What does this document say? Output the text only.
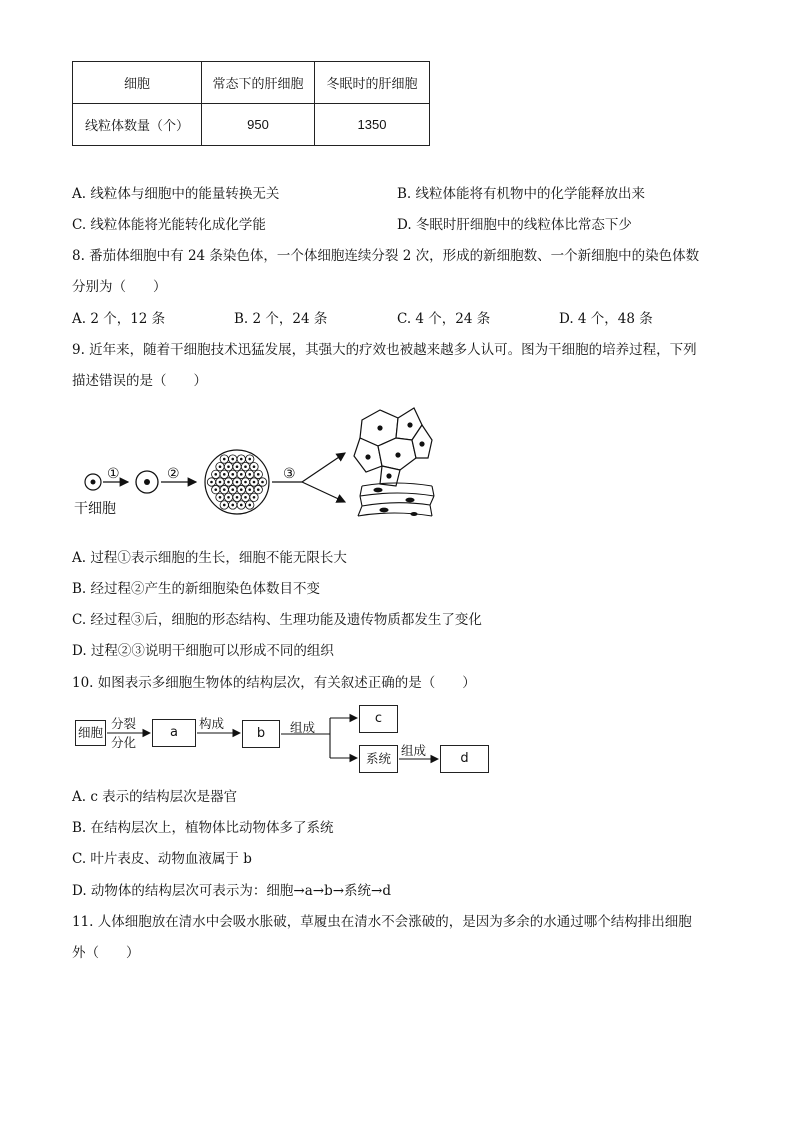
细胞	常态下的肝细胞	冬眠时的肝细胞
线粒体数量（个）	950	1350
A. 线粒体与细胞中的能量转换无关	B. 线粒体能将有机物中的化学能释放出来
C. 线粒体能将光能转化成化学能	D. 冬眠时肝细胞中的线粒体比常态下少
8. 番茄体细胞中有 24 条染色体，一个体细胞连续分裂 2 次，形成的新细胞数、一个新细胞中的染色体数
分别为（　　）
A. 2 个，12 条	B. 2 个，24 条	C. 4 个，24 条	D. 4 个，48 条
9. 近年来，随着干细胞技术迅猛发展，其强大的疗效也被越来越多人认可。图为干细胞的培养过程，下列
描述错误的是（　　）
①	②	③
干细胞
A. 过程①表示细胞的生长，细胞不能无限长大
B. 经过程②产生的新细胞染色体数目不变
C. 经过程③后，细胞的形态结构、生理功能及遗传物质都发生了变化
D. 过程②③说明干细胞可以形成不同的组织
10. 如图表示多细胞生物体的结构层次，有关叙述正确的是（　　）
细胞
分裂
分化
a
构成
b	组成
c
系统
组成
d
A. c 表示的结构层次是器官
B. 在结构层次上，植物体比动物体多了系统
C. 叶片表皮、动物血液属于 b
D. 动物体的结构层次可表示为：细胞→a→b→系统→d
11. 人体细胞放在清水中会吸水胀破，草履虫在清水不会涨破的，是因为多余的水通过哪个结构排出细胞
外（　　）
